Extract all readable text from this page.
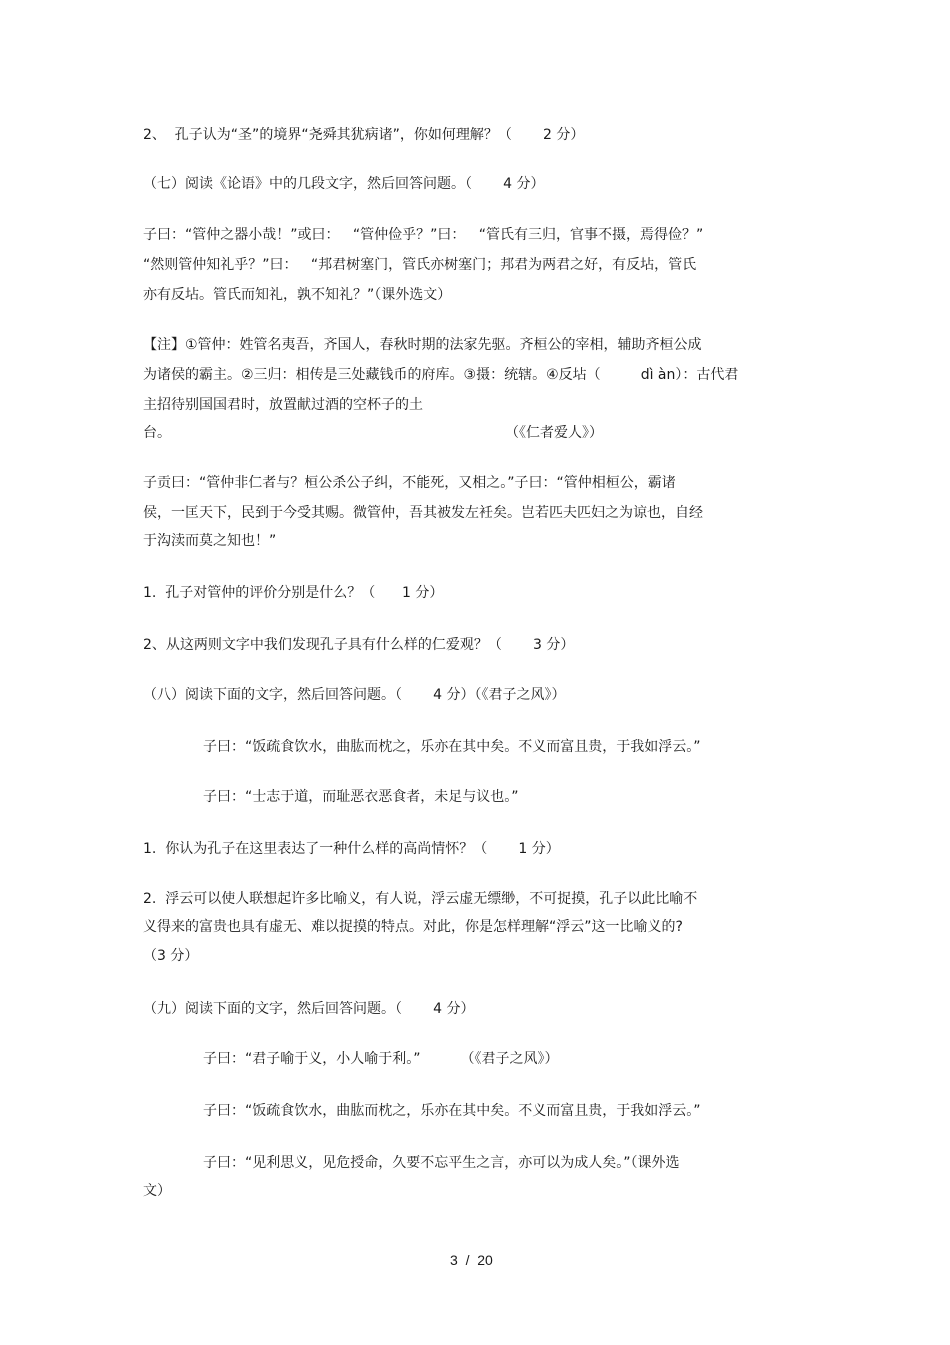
2、  孔子认为“圣”的境界“尧舜其犹病诸”，你如何理解？（       2 分）

（七）阅读《论语》中的几段文字，然后回答问题。（       4 分）

子曰：“管仲之器小哉！”或曰：   “管仲俭乎？”曰：   “管氏有三归，官事不摄，焉得俭？”

“然则管仲知礼乎？”曰：   “邦君树塞门，管氏亦树塞门；邦君为两君之好，有反坫，管氏

亦有反坫。管氏而知礼，孰不知礼？”（课外选文）

【注】①管仲：姓管名夷吾，齐国人，春秋时期的法家先驱。齐桓公的宰相，辅助齐桓公成

为诸侯的霸主。②三归：相传是三处藏钱币的府库。③摄：统辖。④反坫（         dì àn）：古代君

主招待别国国君时，放置献过酒的空杯子的土

台。	（《仁者爱人》）

子贡曰：“管仲非仁者与？桓公杀公子纠，不能死，又相之。”子曰：“管仲相桓公，霸诸

侯，一匡天下，民到于今受其赐。微管仲，吾其被发左衽矣。岂若匹夫匹妇之为谅也，自经

于沟渎而莫之知也！”

1.  孔子对管仲的评价分别是什么？（      1 分）

2、从这两则文字中我们发现孔子具有什么样的仁爱观？（       3 分）

（八）阅读下面的文字，然后回答问题。（       4 分）（《君子之风》）

子曰：“饭疏食饮水，曲肱而枕之，乐亦在其中矣。不义而富且贵，于我如浮云。”

子曰：“士志于道，而耻恶衣恶食者，未足与议也。”

1.  你认为孔子在这里表达了一种什么样的高尚情怀？（       1 分）

2.  浮云可以使人联想起许多比喻义，有人说，浮云虚无缥缈，不可捉摸，孔子以此比喻不

义得来的富贵也具有虚无、难以捉摸的特点。对此，你是怎样理解“浮云”这一比喻义的?

（3 分）

（九）阅读下面的文字，然后回答问题。（       4 分）

子曰：“君子喻于义，小人喻于利。”         （《君子之风》）

子曰：“饭疏食饮水，曲肱而枕之，乐亦在其中矣。不义而富且贵，于我如浮云。”

子曰：“见利思义，见危授命，久要不忘平生之言，亦可以为成人矣。”（课外选

文）

3  /  20
